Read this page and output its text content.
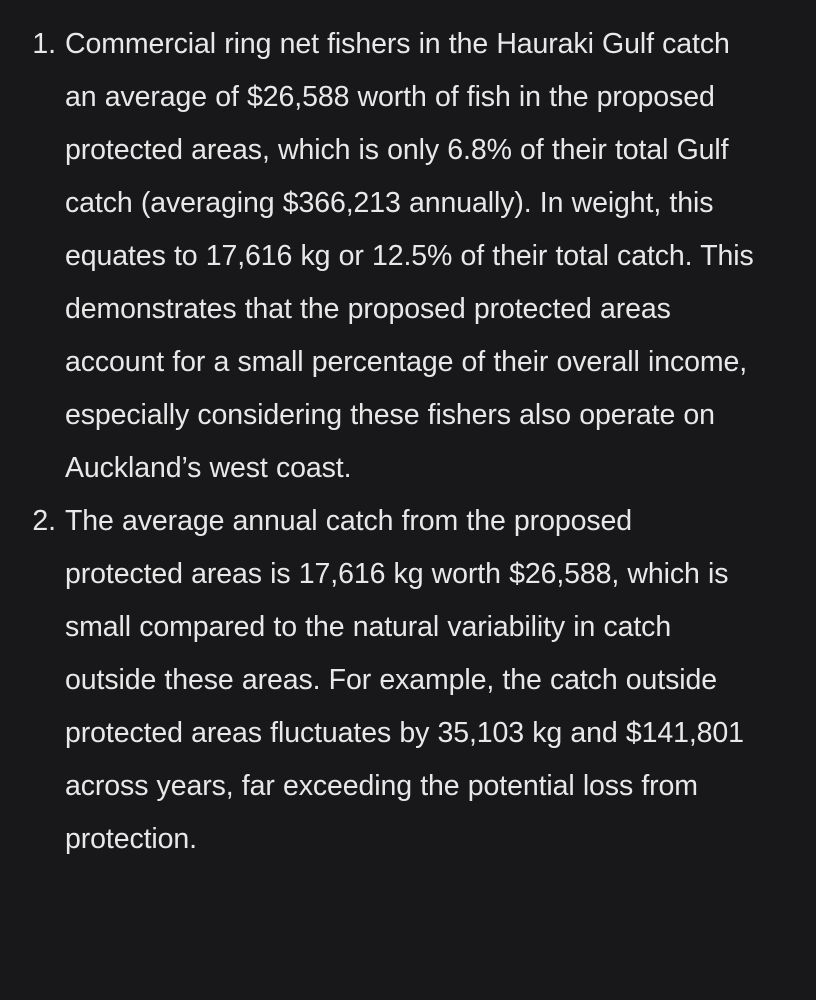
1. Commercial ring net fishers in the Hauraki Gulf catch an average of $26,588 worth of fish in the proposed protected areas, which is only 6.8% of their total Gulf catch (averaging $366,213 annually). In weight, this equates to 17,616 kg or 12.5% of their total catch. This demonstrates that the proposed protected areas account for a small percentage of their overall income, especially considering these fishers also operate on Auckland’s west coast.
2. The average annual catch from the proposed protected areas is 17,616 kg worth $26,588, which is small compared to the natural variability in catch outside these areas. For example, the catch outside protected areas fluctuates by 35,103 kg and $141,801 across years, far exceeding the potential loss from protection.
